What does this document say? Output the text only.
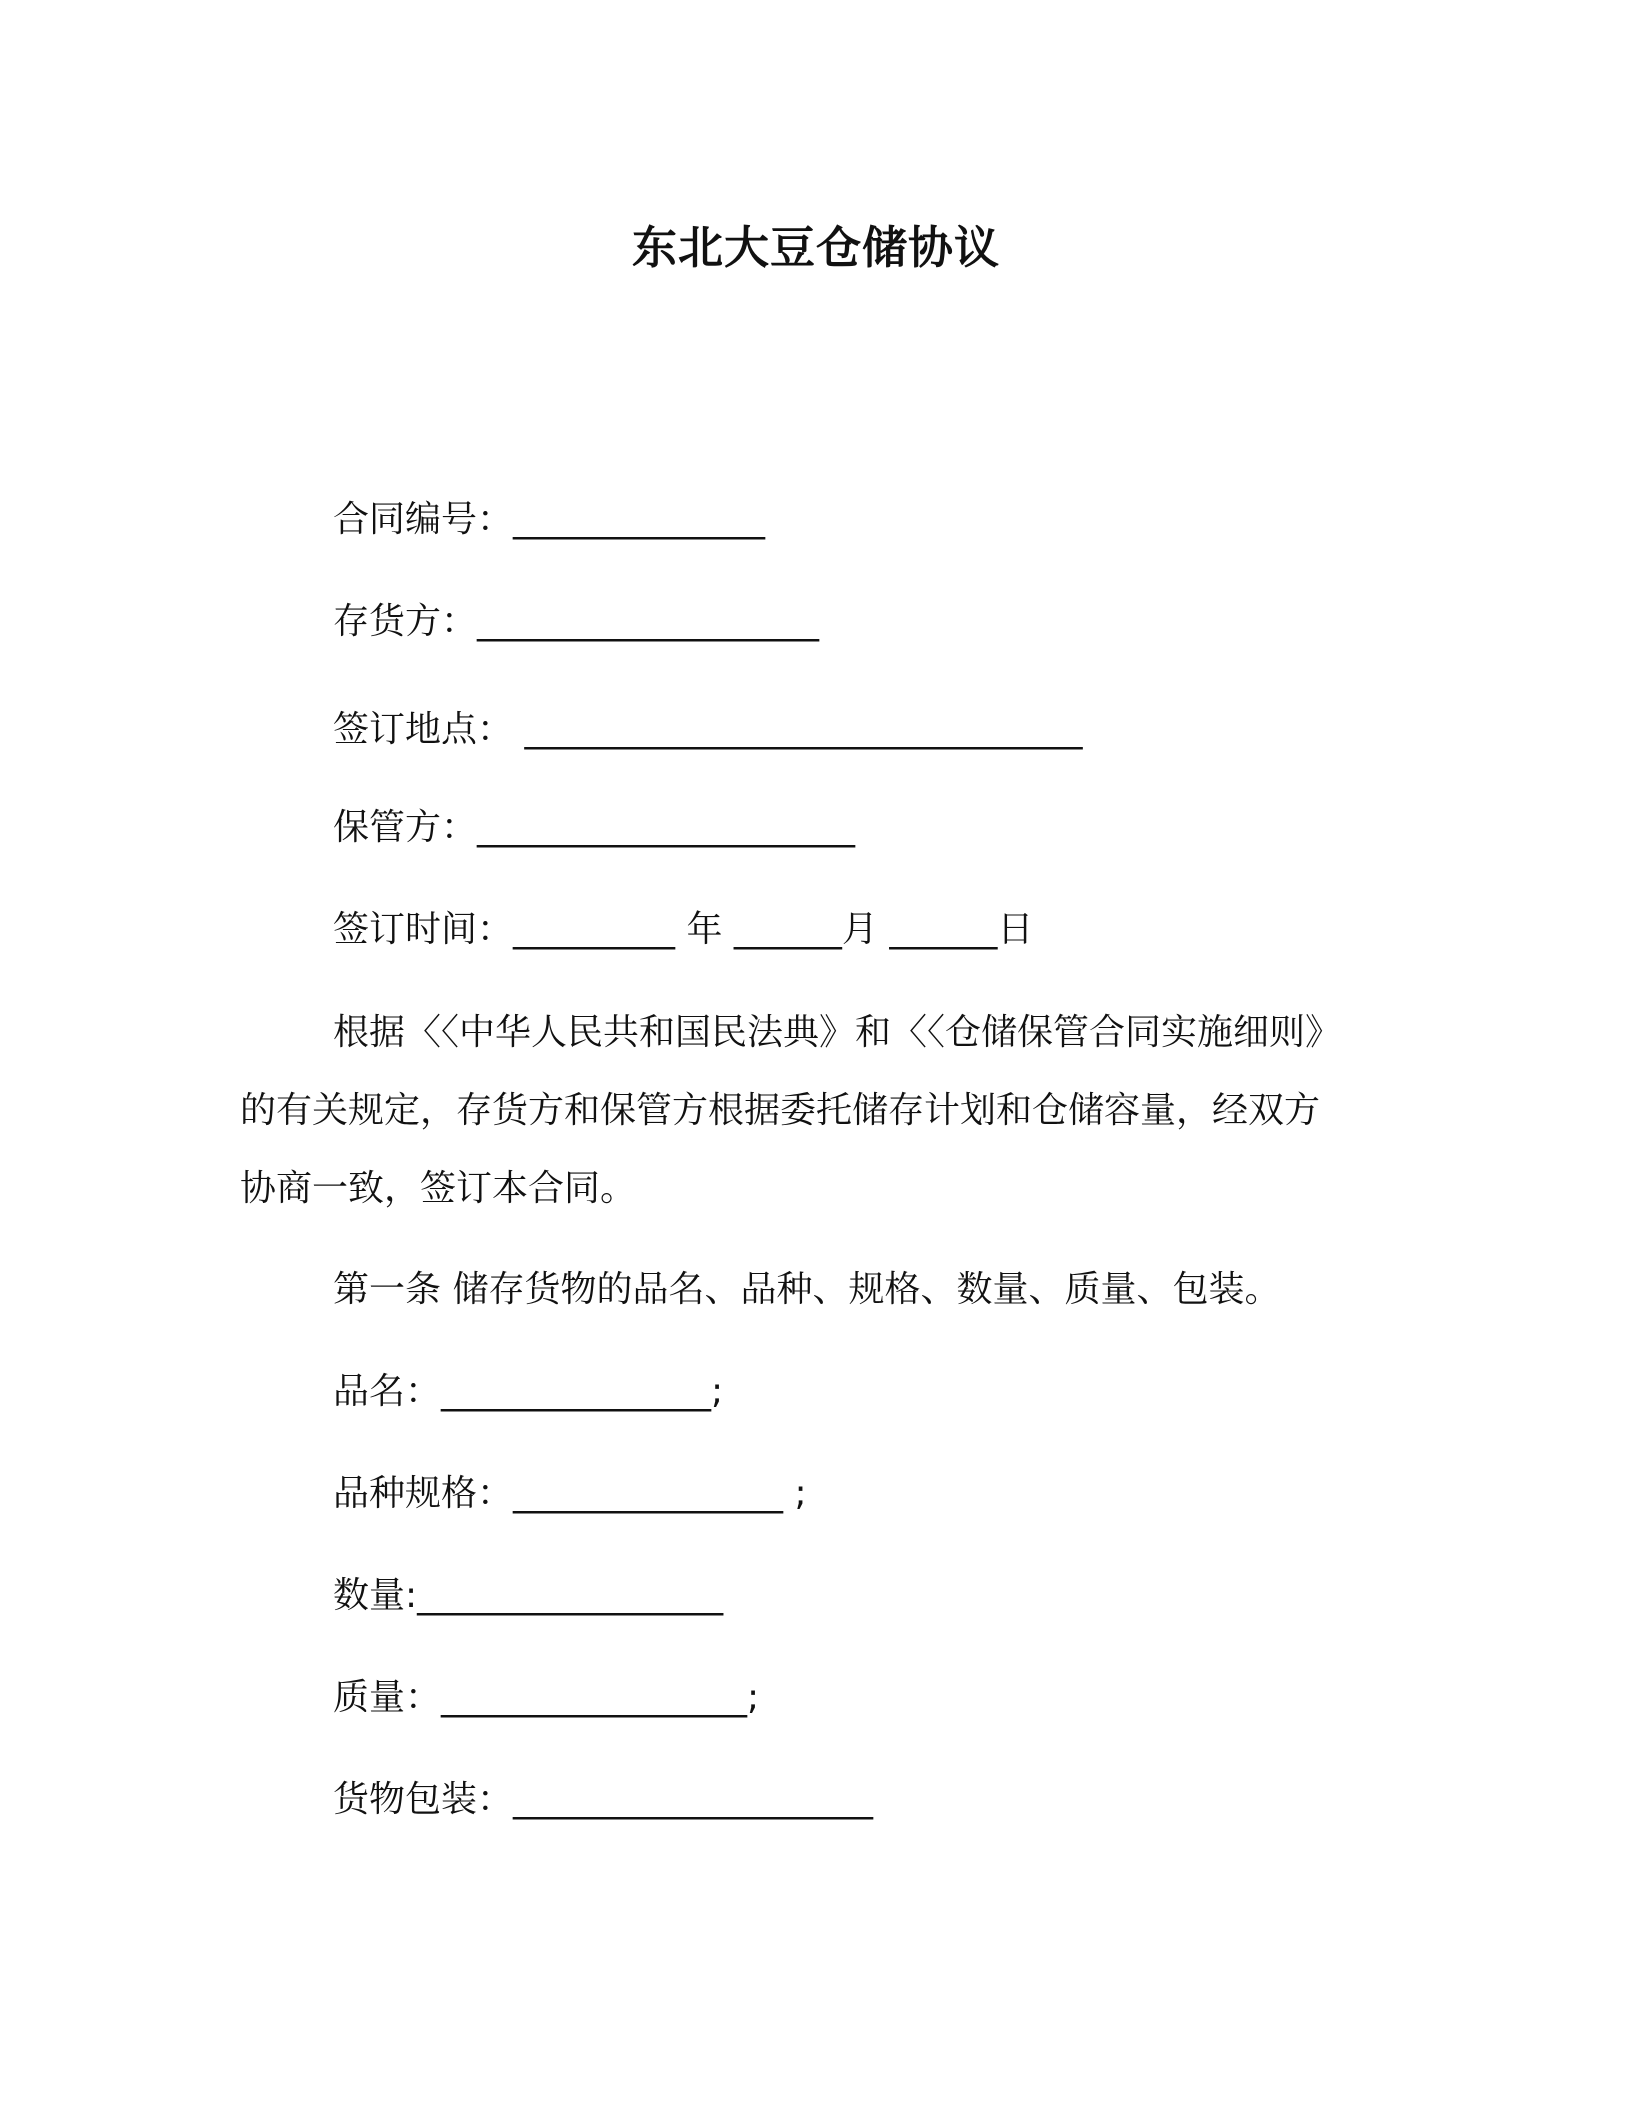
东北大豆仓储协议
合同编号：______________
存货方：___________________
签订地点： _______________________________
保管方：_____________________
签订时间：_________ 年 ______月 ______日
根据〈〈中华人民共和国民法典》和〈〈仓储保管合同实施细则》
的有关规定，存货方和保管方根据委托储存计划和仓储容量，经双方
协商一致，签订本合同。
第一条 储存货物的品名、品种、规格、数量、质量、包装。
品名：_______________;
品种规格：_______________ ;
数量:_________________
质量：_________________;
货物包装：____________________
